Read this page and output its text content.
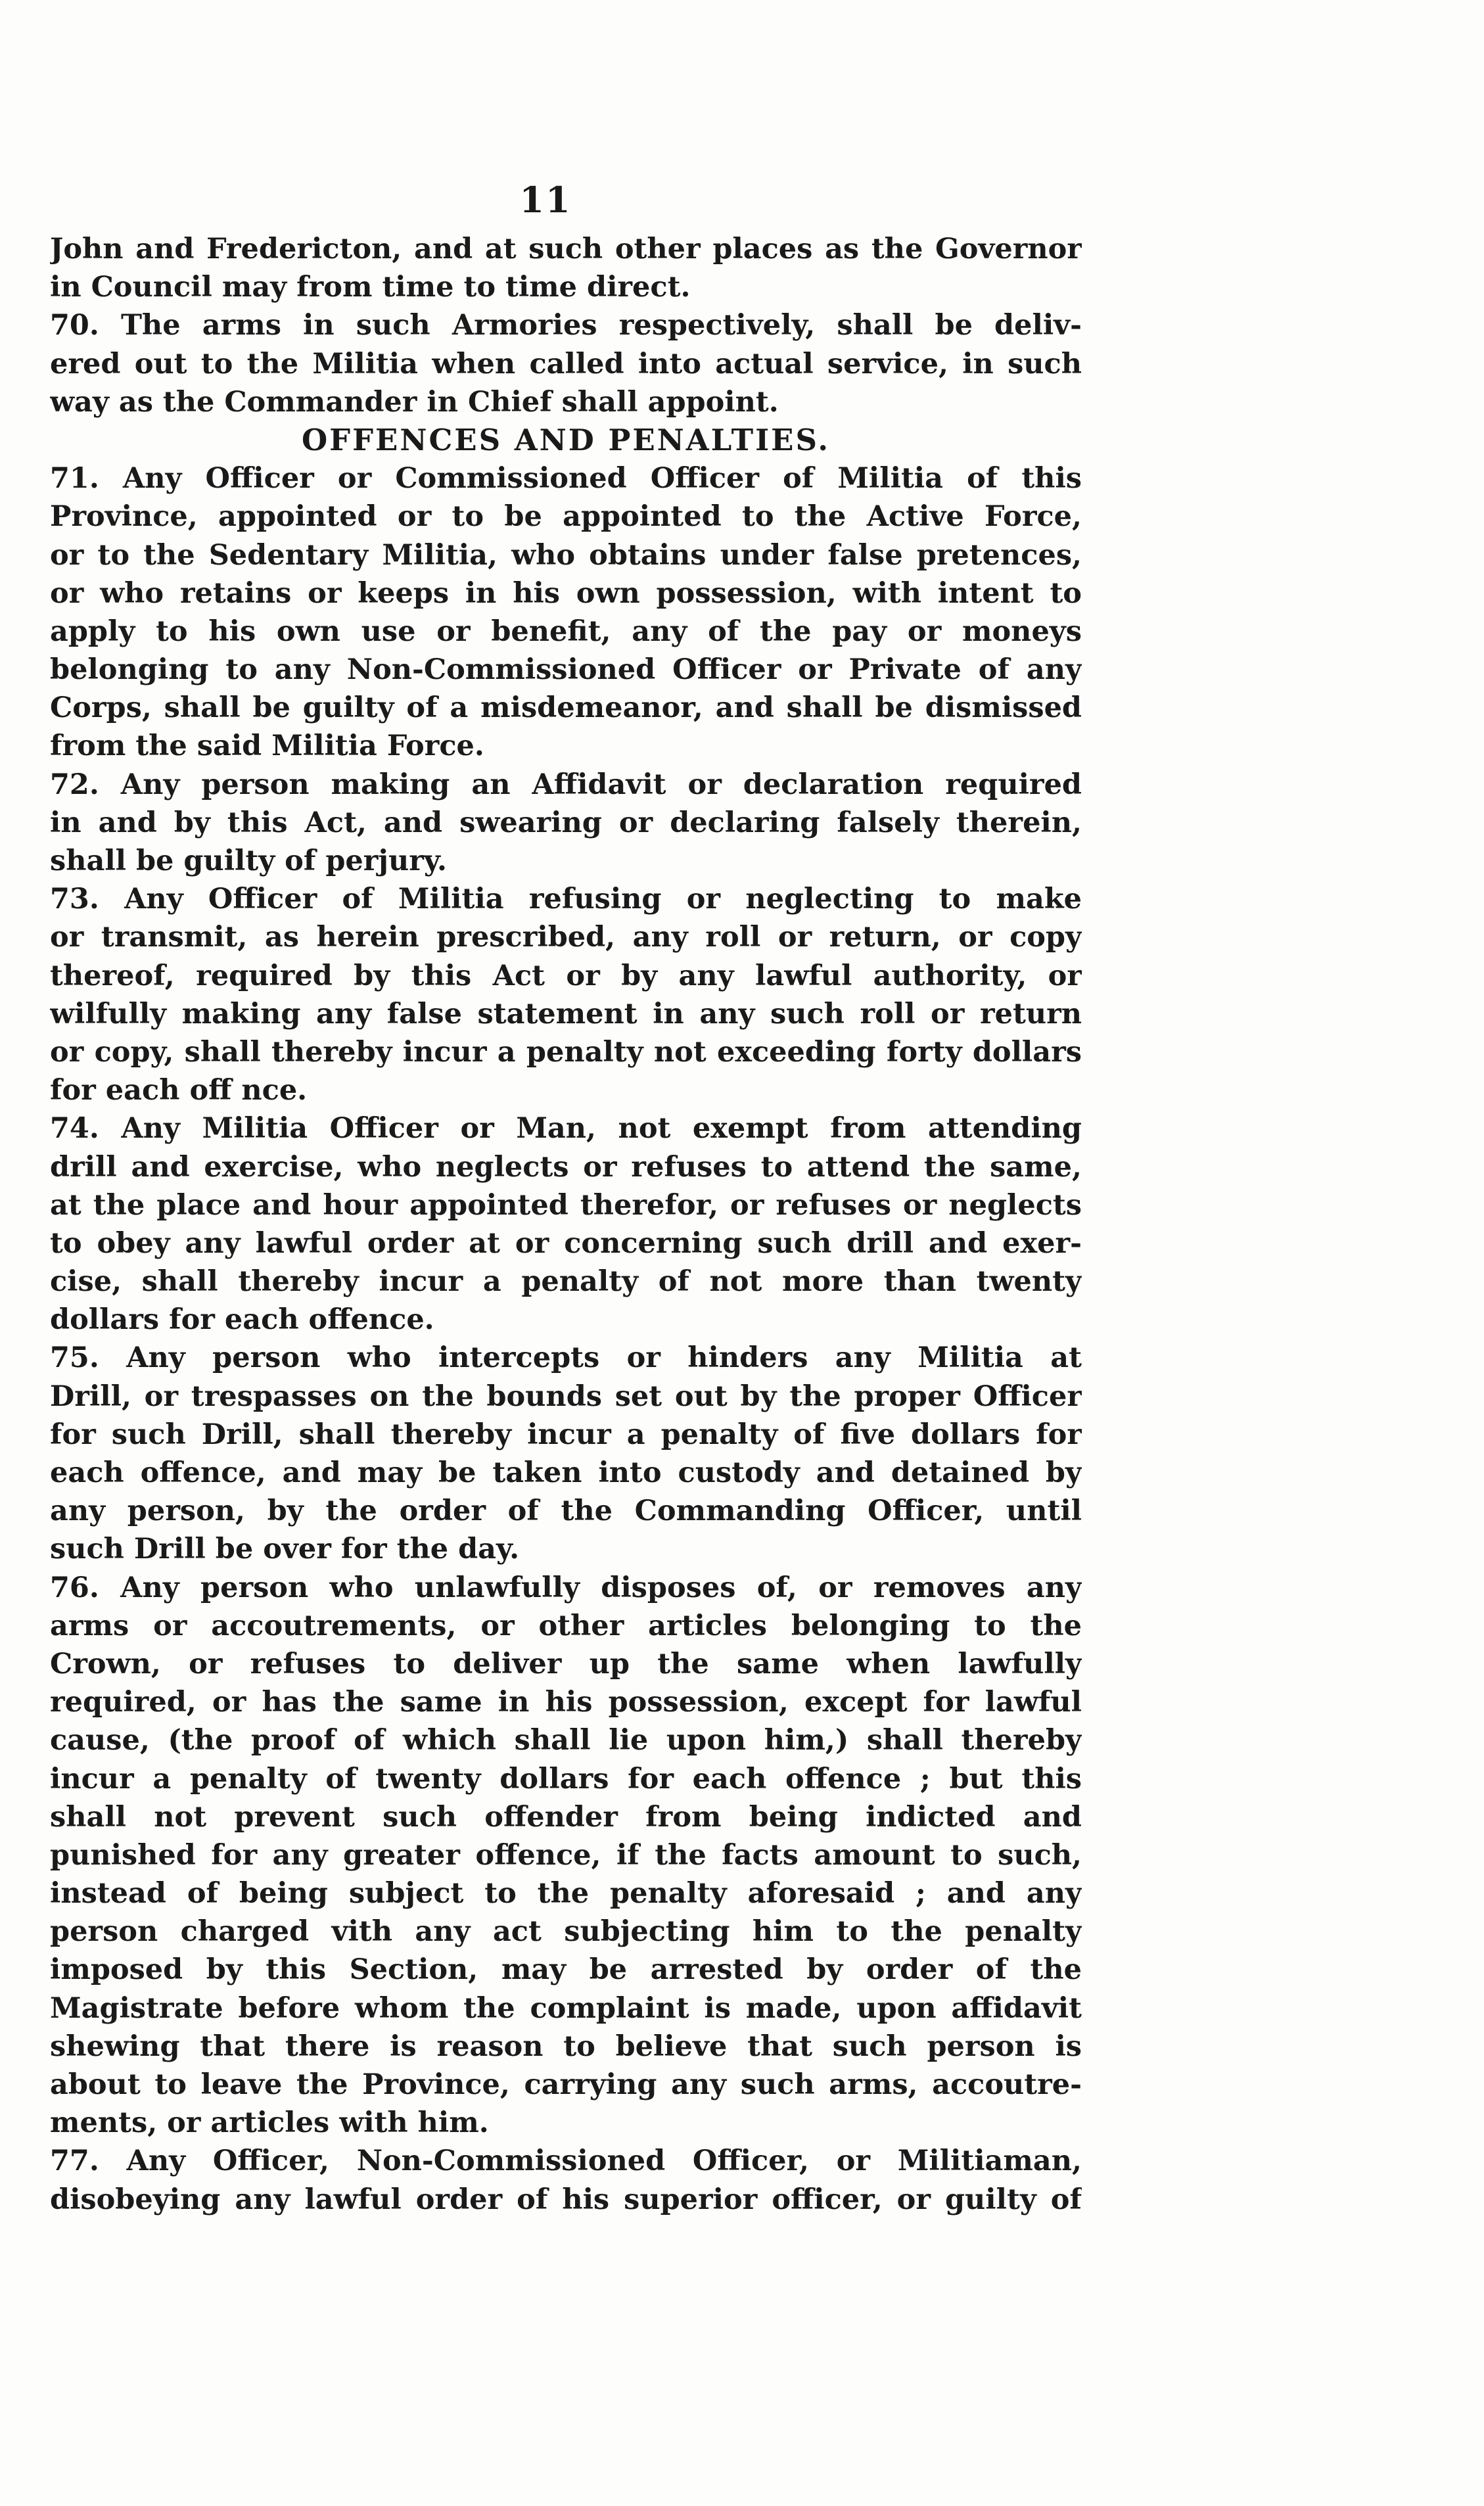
11
John and Fredericton, and at such other places as the Governor
in Council may from time to time direct.
70. The arms in such Armories respectively, shall be deliv-
ered out to the Militia when called into actual service, in such
way as the Commander in Chief shall appoint.
OFFENCES AND PENALTIES.
71. Any Officer or Commissioned Officer of Militia of this
Province, appointed or to be appointed to the Active Force,
or to the Sedentary Militia, who obtains under false pretences,
or who retains or keeps in his own possession, with intent to
apply to his own use or benefit, any of the pay or moneys
belonging to any Non-Commissioned Officer or Private of any
Corps, shall be guilty of a misdemeanor, and shall be dismissed
from the said Militia Force.
72. Any person making an Affidavit or declaration required
in and by this Act, and swearing or declaring falsely therein,
shall be guilty of perjury.
73. Any Officer of Militia refusing or neglecting to make
or transmit, as herein prescribed, any roll or return, or copy
thereof, required by this Act or by any lawful authority, or
wilfully making any false statement in any such roll or return
or copy, shall thereby incur a penalty not exceeding forty dollars
for each off nce.
74. Any Militia Officer or Man, not exempt from attending
drill and exercise, who neglects or refuses to attend the same,
at the place and hour appointed therefor, or refuses or neglects
to obey any lawful order at or concerning such drill and exer-
cise, shall thereby incur a penalty of not more than twenty
dollars for each offence.
75. Any person who intercepts or hinders any Militia at
Drill, or trespasses on the bounds set out by the proper Officer
for such Drill, shall thereby incur a penalty of five dollars for
each offence, and may be taken into custody and detained by
any person, by the order of the Commanding Officer, until
such Drill be over for the day.
76. Any person who unlawfully disposes of, or removes any
arms or accoutrements, or other articles belonging to the
Crown, or refuses to deliver up the same when lawfully
required, or has the same in his possession, except for lawful
cause, (the proof of which shall lie upon him,) shall thereby
incur a penalty of twenty dollars for each offence ; but this
shall not prevent such offender from being indicted and
punished for any greater offence, if the facts amount to such,
instead of being subject to the penalty aforesaid ; and any
person charged vith any act subjecting him to the penalty
imposed by this Section, may be arrested by order of the
Magistrate before whom the complaint is made, upon affidavit
shewing that there is reason to believe that such person is
about to leave the Province, carrying any such arms, accoutre-
ments, or articles with him.
77. Any Officer, Non-Commissioned Officer, or Militiaman,
disobeying any lawful order of his superior officer, or guilty of
